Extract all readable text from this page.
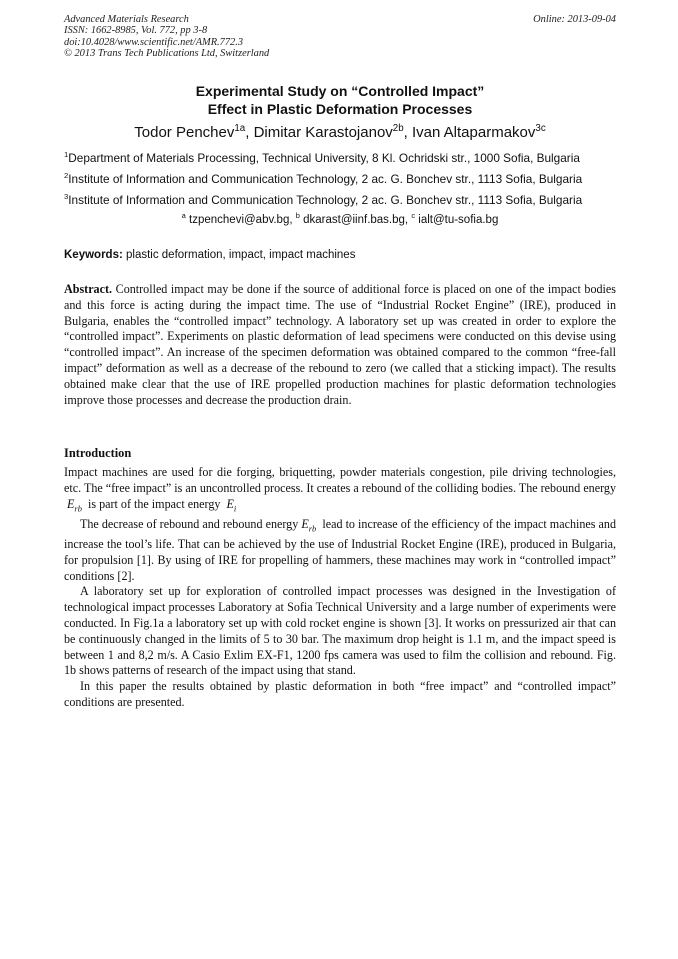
Advanced Materials Research
ISSN: 1662-8985, Vol. 772, pp 3-8
doi:10.4028/www.scientific.net/AMR.772.3
© 2013 Trans Tech Publications Ltd, Switzerland
Online: 2013-09-04
Experimental Study on “Controlled Impact”
Effect in Plastic Deformation Processes
Todor Penchev$^{1a}$, Dimitar Karastojanov$^{2b}$, Ivan Altaparmakov$^{3c}$
$^1$Department of Materials Processing, Technical University, 8 Kl. Ochridski str., 1000 Sofia, Bulgaria
$^2$Institute of Information and Communication Technology, 2 ac. G. Bonchev str., 1113 Sofia, Bulgaria
$^3$Institute of Information and Communication Technology, 2 ac. G. Bonchev str., 1113 Sofia, Bulgaria
$^a$ tzpenchevi@abv.bg, $^b$ dkarast@iinf.bas.bg, $^c$ ialt@tu-sofia.bg
Keywords: plastic deformation, impact, impact machines
Abstract. Controlled impact may be done if the source of additional force is placed on one of the impact bodies and this force is acting during the impact time. The use of “Industrial Rocket Engine” (IRE), produced in Bulgaria, enables the “controlled impact” technology. A laboratory set up was created in order to explore the “controlled impact”. Experiments on plastic deformation of lead specimens were conducted on this devise using “controlled impact”. An increase of the specimen deformation was obtained compared to the common “free-fall impact” deformation as well as a decrease of the rebound to zero (we called that a sticking impact). The results obtained make clear that the use of IRE propelled production machines for plastic deformation technologies improve those processes and decrease the production drain.
Introduction

Impact machines are used for die forging, briquetting, powder materials congestion, pile driving technologies, etc. The “free impact” is an uncontrolled process. It creates a rebound of the colliding bodies. The rebound energy  $E_{rb}$ is part of the impact energy $E_i$

The decrease of rebound and rebound energy $E_{rb}$ lead to increase of the efficiency of the impact machines and increase the tool’s life. That can be achieved by the use of Industrial Rocket Engine (IRE), produced in Bulgaria, for propulsion [1]. By using of IRE for propelling of hammers, these machines may work in “controlled impact” conditions [2].

A laboratory set up for exploration of controlled impact processes was designed in the Investigation of technological impact processes Laboratory at Sofia Technical University and a large number of experiments were conducted. In Fig.1a a laboratory set up with cold rocket engine is shown [3]. It works on pressurized air that can be continuously changed in the limits of 5 to 30 bar. The maximum drop height is 1.1 m, and the impact speed is between 1 and 8,2 m/s. A Casio Exlim EX-F1, 1200 fps camera was used to film the collision and rebound. Fig. 1b shows patterns of research of the impact using that stand.

In this paper the results obtained by plastic deformation in both “free impact” and “controlled impact” conditions are presented.
